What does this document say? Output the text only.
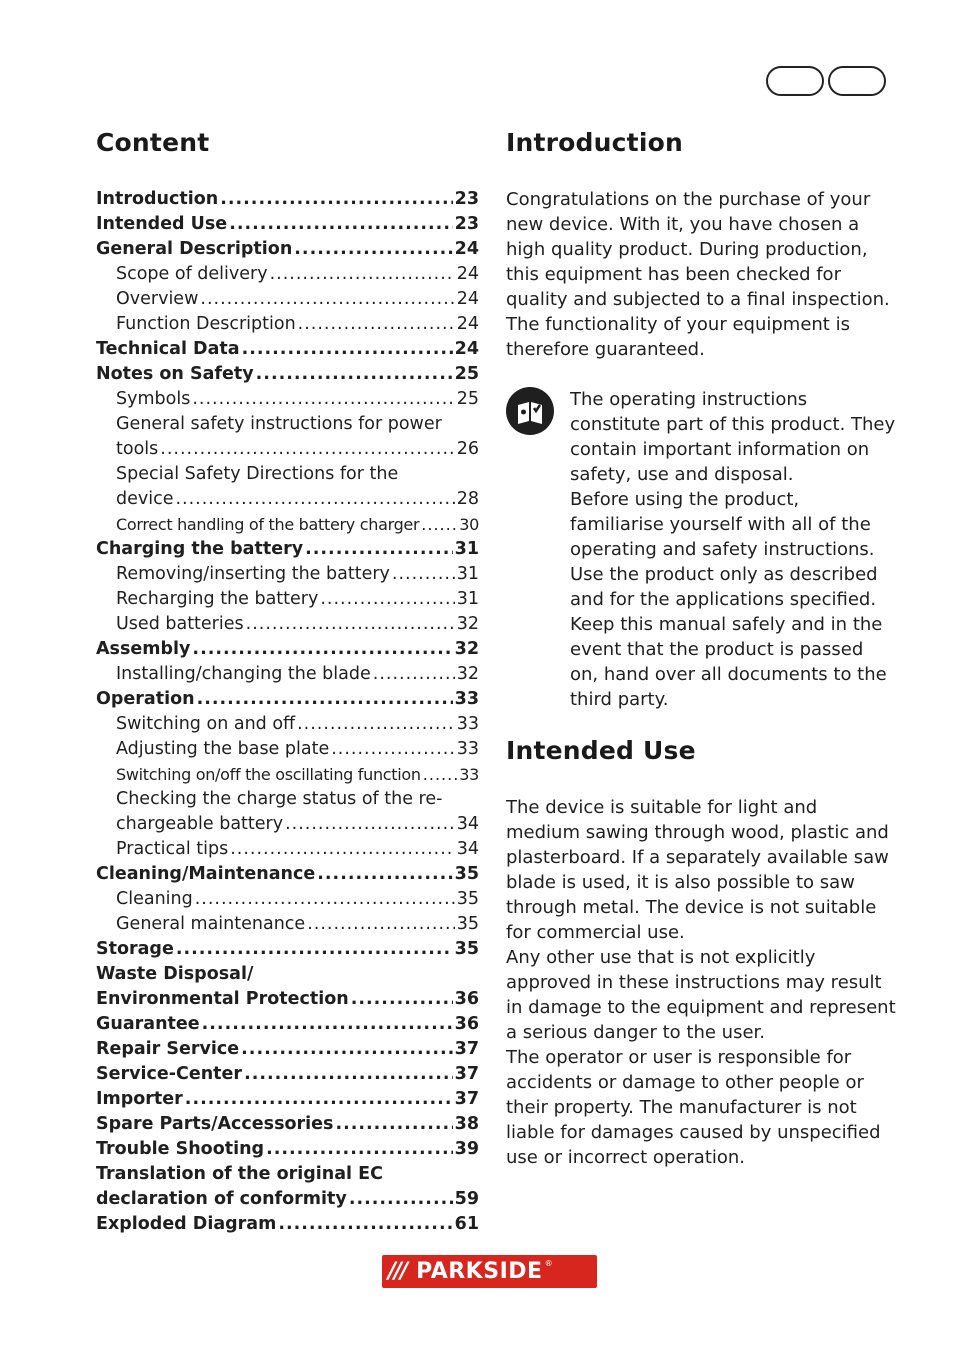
Content
Introduction .....	23
Intended Use .....	23
General Description .....	24
Scope of delivery .....	24
Overview .....	24
Function Description .....	24
Technical Data .....	24
Notes on Safety .....	25
Symbols .....	25
General safety instructions for power
tools .....	26
Special Safety Directions for the
device .....	28
Correct handling of the battery charger ..... 30
Charging the battery .....	31
Removing/inserting the battery .....	31
Recharging the battery .....	31
Used batteries .....	32
Assembly .....	32
Installing/changing the blade .....	32
Operation .....	33
Switching on and off .....	33
Adjusting the base plate .....	33
Switching on/off the oscillating function ..... 33
Checking the charge status of the re-
chargeable battery .....	34
Practical tips .....	34
Cleaning/Maintenance .....	35
Cleaning .....	35
General maintenance .....	35
Storage .....	35
Waste Disposal/
Environmental Protection .....	36
Guarantee .....	36
Repair Service .....	37
Service-Center .....	37
Importer .....	37
Spare Parts/Accessories .....	38
Trouble Shooting .....	39
Translation of the original EC
declaration of conformity .....	59
Exploded Diagram .....	61
Introduction

Congratulations on the purchase of your new device. With it, you have chosen a high quality product. During production, this equipment has been checked for quality and subjected to a final inspection. The functionality of your equipment is therefore guaranteed.

The operating instructions constitute part of this product. They contain important information on safety, use and disposal.

Before using the product, familiarise yourself with all of the operating and safety instructions. Use the product only as described and for the applications specified. Keep this manual safely and in the event that the product is passed on, hand over all documents to the third party.

Intended Use

The device is suitable for light and medium sawing through wood, plastic and plasterboard. If a separately available saw blade is used, it is also possible to saw through metal. The device is not suitable for commercial use.

Any other use that is not explicitly approved in these instructions may result in damage to the equipment and represent a serious danger to the user.

The operator or user is responsible for accidents or damage to other people or their property. The manufacturer is not liable for damages caused by unspecified use or incorrect operation.

/// PARKSIDE ®
